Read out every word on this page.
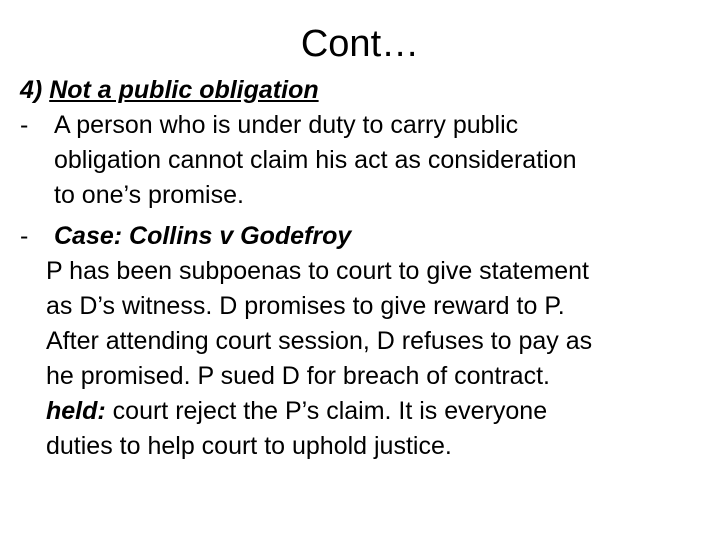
Cont…
4) Not a public obligation
- A person who is under duty to carry public
obligation cannot claim his act as consideration
to one’s promise.
- Case: Collins v Godefroy
P has been subpoenas to court to give statement
as D’s witness. D promises to give reward to P.
After attending court session, D refuses to pay as
he promised. P sued D for breach of contract.
held: court reject the P’s claim. It is everyone
duties to help court to uphold justice.
